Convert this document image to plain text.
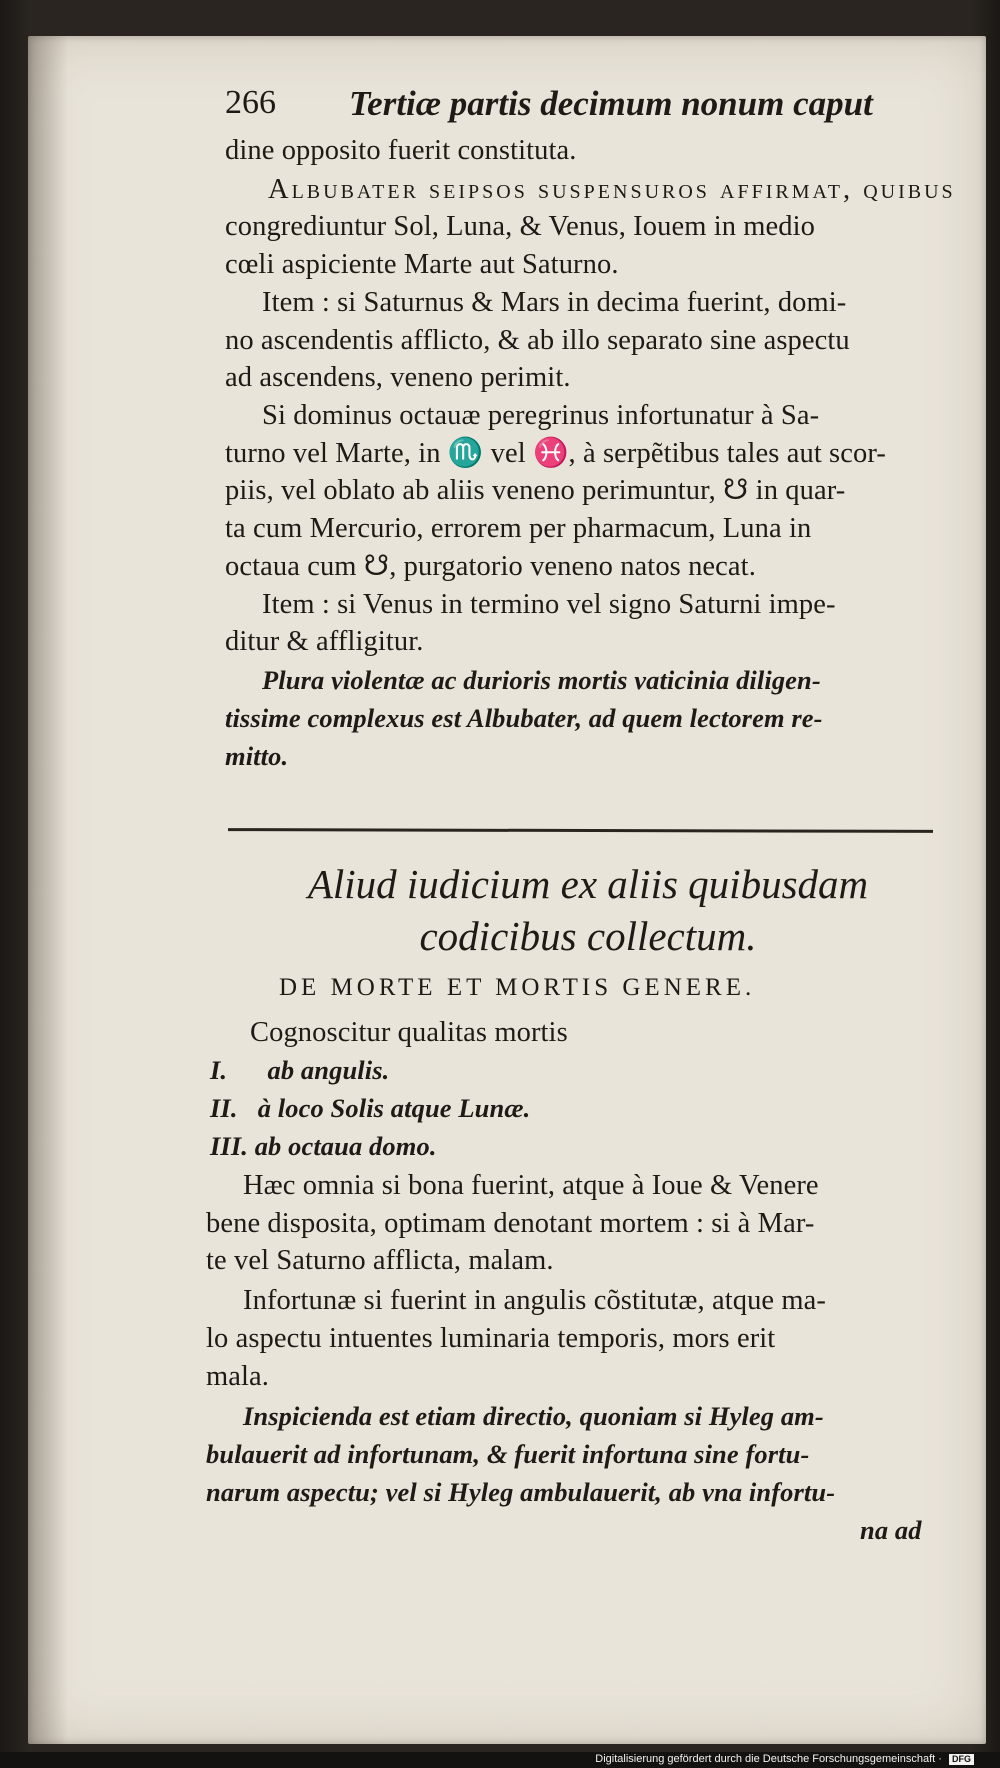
266 Tertiæ partis decimum nonum caput
dine opposito fuerit constituta.
Albubater seipsos suspensuros affirmat, quibus
congrediuntur Sol, Luna, & Venus, Iouem in medio
cœli aspiciente Marte aut Saturno.
Item : si Saturnus & Mars in decima fuerint, domi-
no ascendentis afflicto, & ab illo separato sine aspectu
ad ascendens, veneno perimit.
Si dominus octauæ peregrinus infortunatur à Sa-
turno vel Marte, in ♏ vel ♓, à serpẽtibus tales aut scor-
piis, vel oblato ab aliis veneno perimuntur, ☋ in quar-
ta cum Mercurio, errorem per pharmacum, Luna in
octaua cum ☋, purgatorio veneno natos necat.
Item : si Venus in termino vel signo Saturni impe-
ditur & affligitur.
Plura violentæ ac durioris mortis vaticinia diligen-
tissime complexus est Albubater, ad quem lectorem re-
mitto.
Aliud iudicium ex aliis quibusdam
codicibus collectum.
DE MORTE ET MORTIS GENERE.
Cognoscitur qualitas mortis
I.      ab angulis.
II.   à loco Solis atque Lunæ.
III. ab octaua domo.
Hæc omnia si bona fuerint, atque à Ioue & Venere
bene disposita, optimam denotant mortem : si à Mar-
te vel Saturno afflicta, malam.
Infortunæ si fuerint in angulis cõstitutæ, atque ma-
lo aspectu intuentes luminaria temporis, mors erit
mala.
Inspicienda est etiam directio, quoniam si Hyleg am-
bulauerit ad infortunam, & fuerit infortuna sine fortu-
narum aspectu; vel si Hyleg ambulauerit, ab vna infortu-
na ad
Digitalisierung gefördert durch die Deutsche Forschungsgemeinschaft · DFG
